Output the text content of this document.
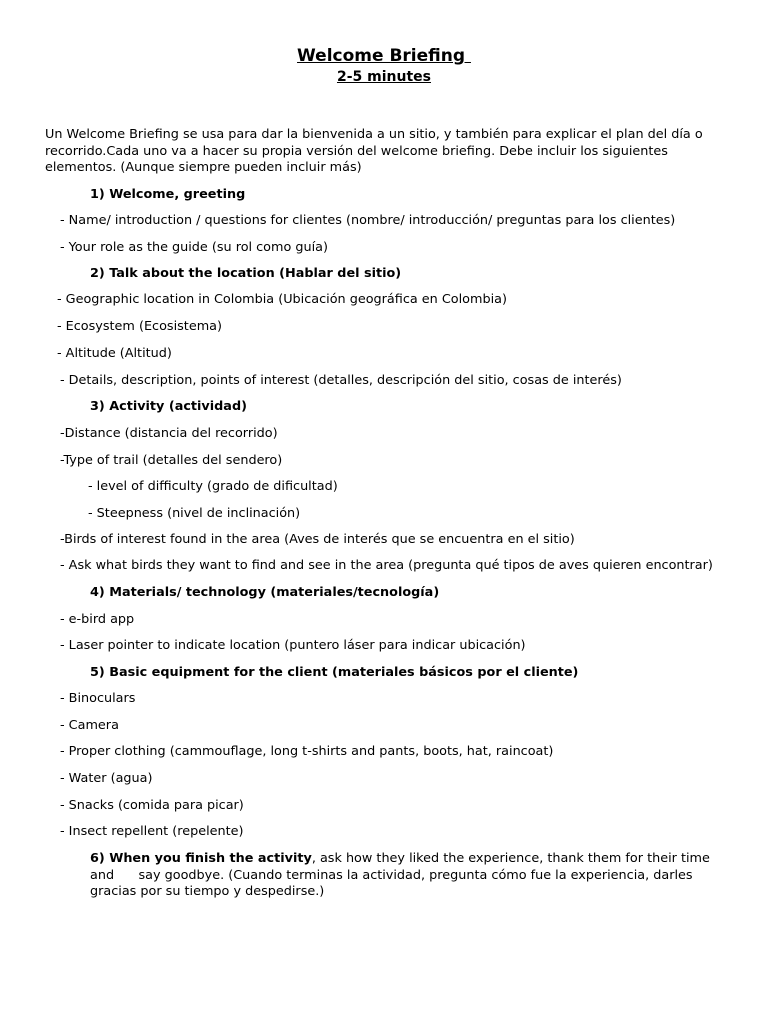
Welcome Briefing
2-5 minutes
Un Welcome Briefing se usa para dar la bienvenida a un sitio, y también para explicar el plan del día o recorrido.Cada uno va a hacer su propia versión del welcome briefing. Debe incluir los siguientes elementos. (Aunque siempre pueden incluir más)
1) Welcome, greeting
- Name/ introduction / questions for clientes (nombre/ introducción/ preguntas para los clientes)
- Your role as the guide (su rol como guía)
2) Talk about the location (Hablar del sitio)
- Geographic location in Colombia (Ubicación geográfica en Colombia)
- Ecosystem (Ecosistema)
- Altitude (Altitud)
- Details, description, points of interest (detalles, descripción del sitio, cosas de interés)
3) Activity (actividad)
-Distance (distancia del recorrido)
-Type of trail (detalles del sendero)
- level of difficulty (grado de dificultad)
- Steepness (nivel de inclinación)
-Birds of interest found in the area (Aves de interés que se encuentra en el sitio)
- Ask what birds they want to find and see in the area (pregunta qué tipos de aves quieren encontrar)
4) Materials/ technology (materiales/tecnología)
- e-bird app
- Laser pointer to indicate location (puntero láser para indicar ubicación)
5) Basic equipment for the client (materiales básicos por el cliente)
- Binoculars
- Camera
- Proper clothing (cammouflage, long t-shirts and pants, boots, hat, raincoat)
- Water (agua)
- Snacks (comida para picar)
- Insect repellent (repelente)
6) When you finish the activity, ask how they liked the experience, thank them for their time and      say goodbye. (Cuando terminas la actividad, pregunta cómo fue la experiencia, darles gracias por su tiempo y despedirse.)
